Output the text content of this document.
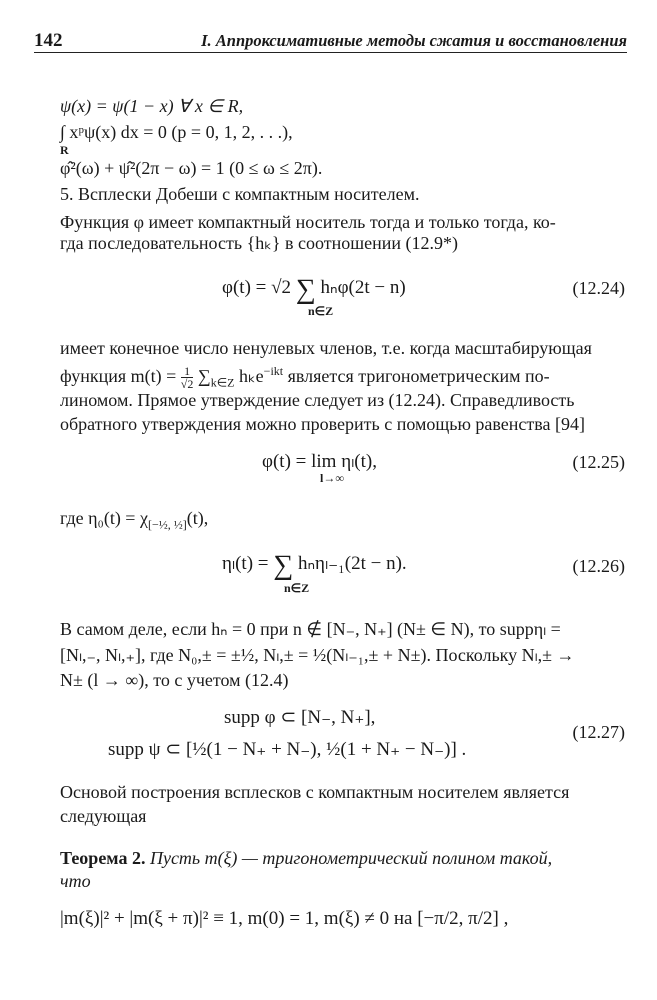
142	I. Аппроксимативные методы сжатия и восстановления
ψ(x) = ψ(1 − x) ∀ x ∈ R,
∫ xᵖψ(x) dx = 0 (p = 0, 1, 2, . . .),
R
φ̂²(ω) + ψ̂²(2π − ω) = 1 (0 ≤ ω ≤ 2π).
5. Всплески Добеши с компактным носителем.
Функция φ имеет компактный носитель тогда и только тогда, ко-
гда последовательность {hₖ} в соотношении (12.9*)
φ(t) = √2 ∑ hₙφ(2t − n)
n∈Z
(12.24)
имеет конечное число ненулевых членов, т.е. когда масштабирующая
функция $m(t) = \frac{1}{√2} \sum_{k\in Z}$ hₖe$^{-ikt}$ является тригонометрическим по-
линомом. Прямое утверждение следует из (12.24). Справедливость
обратного утверждения можно проверить с помощью равенства [94]
φ(t) = lim ηₗ(t),
l→∞
(12.25)
где $\eta_0(t) = \chi_{[-\frac{1}{2}, \frac{1}{2}]}(t)$,
ηₗ(t) = ∑ hₙηₗ₋₁(2t − n).
n∈Z
(12.26)
В самом деле, если hₙ = 0 при n ∉ [N₋, N₊] (N± ∈ N), то suppηₗ =
[Nₗ,₋, Nₗ,₊], где N₀,± = ±½, Nₗ,± = ½(Nₗ₋₁,± + N±). Поскольку Nₗ,± →
N± (l → ∞), то с учетом (12.4)
supp φ ⊂ [N₋, N₊],
supp ψ ⊂ [½(1 − N₊ + N₋), ½(1 + N₊ − N₋)] .
(12.27)
Основой построения всплесков с компактным носителем является
следующая
Теорема 2. Пусть m(ξ) — тригонометрический полином такой,
что
|m(ξ)|² + |m(ξ + π)|² ≡ 1, m(0) = 1, m(ξ) ≠ 0 на [−π/2, π/2] ,
